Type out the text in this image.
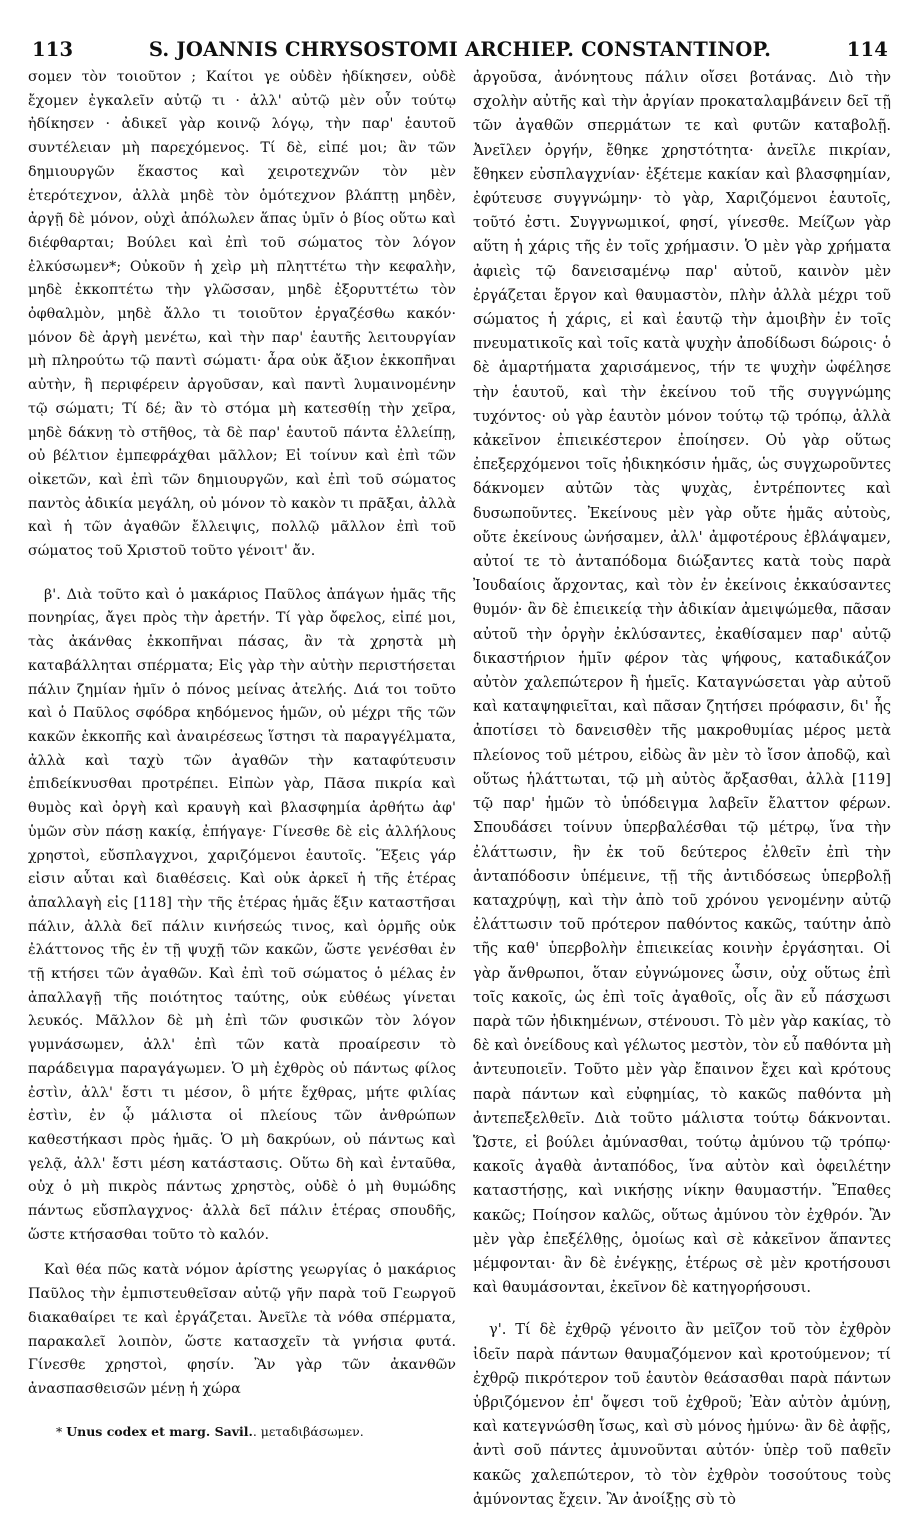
113	S. JOANNIS CHRYSOSTOMI ARCHIEP. CONSTANTINOP.	114

σομεν τὸν τοιοῦτον ; Καίτοι γε οὐδὲν ἠδίκησεν, οὐδὲ ἔχομεν ἐγκαλεῖν αὐτῷ τι · ἀλλ' αὐτῷ μὲν οὖν τούτῳ ἠδίκησεν · ἀδικεῖ γὰρ κοινῷ λόγῳ, τὴν παρ' ἑαυτοῦ συντέλειαν μὴ παρεχόμενος. Τί δὲ, εἰπέ μοι; ἂν τῶν δημιουργῶν ἕκαστος καὶ χειροτεχνῶν τὸν μὲν ἑτερότεχνον, ἀλλὰ μηδὲ τὸν ὁμότεχνον βλάπτῃ μηδὲν, ἀργῇ δὲ μόνον, οὐχὶ ἀπόλωλεν ἅπας ὑμῖν ὁ βίος οὕτω καὶ διέφθαρται; Βούλει καὶ ἐπὶ τοῦ σώματος τὸν λόγον ἐλκύσωμεν*; Οὐκοῦν ἡ χεὶρ μὴ πληττέτω τὴν κεφαλὴν, μηδὲ ἐκκοπτέτω τὴν γλῶσσαν, μηδὲ ἐξορυττέτω τὸν ὀφθαλμὸν, μηδὲ ἄλλο τι τοιοῦτον ἐργαζέσθω κακόν· μόνον δὲ ἀργὴ μενέτω, καὶ τὴν παρ' ἑαυτῆς λειτουργίαν μὴ πληρούτω τῷ παντὶ σώματι· ἆρα οὐκ ἄξιον ἐκκοπῆναι αὐτὴν, ἢ περιφέρειν ἀργοῦσαν, καὶ παντὶ λυμαινομένην τῷ σώματι; Τί δέ; ἂν τὸ στόμα μὴ κατεσθίῃ τὴν χεῖρα, μηδὲ δάκνῃ τὸ στῆθος, τὰ δὲ παρ' ἑαυτοῦ πάντα ἐλλείπῃ, οὐ βέλτιον ἐμπεφράχθαι μᾶλλον; Εἰ τοίνυν καὶ ἐπὶ τῶν οἰκετῶν, καὶ ἐπὶ τῶν δημιουργῶν, καὶ ἐπὶ τοῦ σώματος παντὸς ἀδικία μεγάλη, οὐ μόνον τὸ κακὸν τι πρᾶξαι, ἀλλὰ καὶ ἡ τῶν ἀγαθῶν ἔλλειψις, πολλῷ μᾶλλον ἐπὶ τοῦ σώματος τοῦ Χριστοῦ τοῦτο γένοιτ' ἄν.

β'. Διὰ τοῦτο καὶ ὁ μακάριος Παῦλος ἀπάγων ἡμᾶς τῆς πονηρίας, ἄγει πρὸς τὴν ἀρετήν. Τί γὰρ ὄφελος, εἰπέ μοι, τὰς ἀκάνθας ἐκκοπῆναι πάσας, ἂν τὰ χρηστὰ μὴ καταβάλληται σπέρματα; Εἰς γὰρ τὴν αὐτὴν περιστήσεται πάλιν ζημίαν ἡμῖν ὁ πόνος μείνας ἀτελής. Διά τοι τοῦτο καὶ ὁ Παῦλος σφόδρα κηδόμενος ἡμῶν, οὐ μέχρι τῆς τῶν κακῶν ἐκκοπῆς καὶ ἀναιρέσεως ἵστησι τὰ παραγγέλματα, ἀλλὰ καὶ ταχὺ τῶν ἀγαθῶν τὴν καταφύτευσιν ἐπιδείκνυσθαι προτρέπει. Εἰπὼν γὰρ, Πᾶσα πικρία καὶ θυμὸς καὶ ὀργὴ καὶ κραυγὴ καὶ βλασφημία ἀρθήτω ἀφ' ὑμῶν σὺν πάσῃ κακίᾳ, ἐπήγαγε· Γίνεσθε δὲ εἰς ἀλλήλους χρηστοὶ, εὔσπλαγχνοι, χαριζόμενοι ἑαυτοῖς. Ἕξεις γάρ εἰσιν αὗται καὶ διαθέσεις. Καὶ οὐκ ἀρκεῖ ἡ τῆς ἑτέρας ἀπαλλαγὴ εἰς [118] τὴν τῆς ἑτέρας ἡμᾶς ἕξιν καταστῆσαι πάλιν, ἀλλὰ δεῖ πάλιν κινήσεώς τινος, καὶ ὁρμῆς οὐκ ἐλάττονος τῆς ἐν τῇ ψυχῇ τῶν κακῶν, ὥστε γενέσθαι ἐν τῇ κτήσει τῶν ἀγαθῶν. Καὶ ἐπὶ τοῦ σώματος ὁ μέλας ἐν ἀπαλλαγῇ τῆς ποιότητος ταύτης, οὐκ εὐθέως γίνεται λευκός. Μᾶλλον δὲ μὴ ἐπὶ τῶν φυσικῶν τὸν λόγον γυμνάσωμεν, ἀλλ' ἐπὶ τῶν κατὰ προαίρεσιν τὸ παράδειγμα παραγάγωμεν. Ὁ μὴ ἐχθρὸς οὐ πάντως φίλος ἐστὶν, ἀλλ' ἔστι τι μέσον, ὃ μήτε ἔχθρας, μήτε φιλίας ἐστὶν, ἐν ᾧ μάλιστα οἱ πλείους τῶν ἀνθρώπων καθεστήκασι πρὸς ἡμᾶς. Ὁ μὴ δακρύων, οὐ πάντως καὶ γελᾷ, ἀλλ' ἔστι μέση κατάστασις. Οὕτω δὴ καὶ ἐνταῦθα, οὐχ ὁ μὴ πικρὸς πάντως χρηστὸς, οὐδὲ ὁ μὴ θυμώδης πάντως εὔσπλαγχνος· ἀλλὰ δεῖ πάλιν ἑτέρας σπουδῆς, ὥστε κτήσασθαι τοῦτο τὸ καλόν.

Καὶ θέα πῶς κατὰ νόμον ἀρίστης γεωργίας ὁ μακάριος Παῦλος τὴν ἐμπιστευθεῖσαν αὐτῷ γῆν παρὰ τοῦ Γεωργοῦ διακαθαίρει τε καὶ ἐργάζεται. Ἀνεῖλε τὰ νόθα σπέρματα, παρακαλεῖ λοιπὸν, ὥστε κατασχεῖν τὰ γνήσια φυτά. Γίνεσθε χρηστοὶ, φησίν. Ἂν γὰρ τῶν ἀκανθῶν ἀνασπασθεισῶν μένῃ ἡ χώρα

ἀργοῦσα, ἀνόνητους πάλιν οἴσει βοτάνας. Διὸ τὴν σχολὴν αὐτῆς καὶ τὴν ἀργίαν προκαταλαμβάνειν δεῖ τῇ τῶν ἀγαθῶν σπερμάτων τε καὶ φυτῶν καταβολῇ. Ἀνεῖλεν ὀργήν, ἔθηκε χρηστότητα· ἀνεῖλε πικρίαν, ἔθηκεν εὐσπλαγχνίαν· ἐξέτεμε κακίαν καὶ βλασφημίαν, ἐφύτευσε συγγνώμην· τὸ γὰρ, Χαριζόμενοι ἑαυτοῖς, τοῦτό ἐστι. Συγγνωμικοί, φησί, γίνεσθε. Μείζων γὰρ αὕτη ἡ χάρις τῆς ἐν τοῖς χρήμασιν. Ὁ μὲν γὰρ χρήματα ἀφιεὶς τῷ δανεισαμένῳ παρ' αὐτοῦ, καινὸν μὲν ἐργάζεται ἔργον καὶ θαυμαστὸν, πλὴν ἀλλὰ μέχρι τοῦ σώματος ἡ χάρις, εἰ καὶ ἑαυτῷ τὴν ἀμοιβὴν ἐν τοῖς πνευματικοῖς καὶ τοῖς κατὰ ψυχὴν ἀποδίδωσι δώροις· ὁ δὲ ἁμαρτήματα χαρισάμενος, τήν τε ψυχὴν ὠφέλησε τὴν ἑαυτοῦ, καὶ τὴν ἐκείνου τοῦ τῆς συγγνώμης τυχόντος· οὐ γὰρ ἑαυτὸν μόνον τούτῳ τῷ τρόπῳ, ἀλλὰ κἀκεῖνον ἐπιεικέστερον ἐποίησεν. Οὐ γὰρ οὕτως ἐπεξερχόμενοι τοῖς ἠδικηκόσιν ἡμᾶς, ὡς συγχωροῦντες δάκνομεν αὐτῶν τὰς ψυχὰς, ἐντρέποντες καὶ δυσωποῦντες. Ἐκείνους μὲν γὰρ οὔτε ἡμᾶς αὐτοὺς, οὔτε ἐκείνους ὠνήσαμεν, ἀλλ' ἀμφοτέρους ἐβλάψαμεν, αὐτοί τε τὸ ἀνταπόδομα διώξαντες κατὰ τοὺς παρὰ Ἰουδαίοις ἄρχοντας, καὶ τὸν ἐν ἐκείνοις ἐκκαύσαντες θυμόν· ἂν δὲ ἐπιεικείᾳ τὴν ἀδικίαν ἀμειψώμεθα, πᾶσαν αὐτοῦ τὴν ὀργὴν ἐκλύσαντες, ἐκαθίσαμεν παρ' αὐτῷ δικαστήριον ἡμῖν φέρον τὰς ψήφους, καταδικάζον αὐτὸν χαλεπώτερον ἢ ἡμεῖς. Καταγνώσεται γὰρ αὐτοῦ καὶ καταψηφιεῖται, καὶ πᾶσαν ζητήσει πρόφασιν, δι' ἧς ἀποτίσει τὸ δανεισθὲν τῆς μακροθυμίας μέρος μετὰ πλείονος τοῦ μέτρου, εἰδὼς ἂν μὲν τὸ ἴσον ἀποδῷ, καὶ οὕτως ἡλάττωται, τῷ μὴ αὐτὸς ἄρξασθαι, ἀλλὰ [119] τῷ παρ' ἡμῶν τὸ ὑπόδειγμα λαβεῖν ἔλαττον φέρων. Σπουδάσει τοίνυν ὑπερβαλέσθαι τῷ μέτρῳ, ἵνα τὴν ἐλάττωσιν, ἣν ἐκ τοῦ δεύτερος ἐλθεῖν ἐπὶ τὴν ἀνταπόδοσιν ὑπέμεινε, τῇ τῆς ἀντιδόσεως ὑπερβολῇ καταχρύψῃ, καὶ τὴν ἀπὸ τοῦ χρόνου γενομένην αὐτῷ ἐλάττωσιν τοῦ πρότερον παθόντος κακῶς, ταύτην ἀπὸ τῆς καθ' ὑπερβολὴν ἐπιεικείας κοινὴν ἐργάσηται. Οἱ γὰρ ἄνθρωποι, ὅταν εὐγνώμονες ὦσιν, οὐχ οὕτως ἐπὶ τοῖς κακοῖς, ὡς ἐπὶ τοῖς ἀγαθοῖς, οἷς ἂν εὖ πάσχωσι παρὰ τῶν ἠδικημένων, στένουσι. Τὸ μὲν γὰρ κακίας, τὸ δὲ καὶ ὀνείδους καὶ γέλωτος μεστὸν, τὸν εὖ παθόντα μὴ ἀντευποιεῖν. Τοῦτο μὲν γὰρ ἔπαινον ἔχει καὶ κρότους παρὰ πάντων καὶ εὐφημίας, τὸ κακῶς παθόντα μὴ ἀντεπεξελθεῖν. Διὰ τοῦτο μάλιστα τούτῳ δάκνονται. Ὥστε, εἰ βούλει ἀμύνασθαι, τούτῳ ἀμύνου τῷ τρόπῳ· κακοῖς ἀγαθὰ ἀνταπόδος, ἵνα αὐτὸν καὶ ὀφειλέτην καταστήσῃς, καὶ νικήσῃς νίκην θαυμαστήν. Ἔπαθες κακῶς; Ποίησον καλῶς, οὕτως ἀμύνου τὸν ἐχθρόν. Ἂν μὲν γὰρ ἐπεξέλθῃς, ὁμοίως καὶ σὲ κἀκεῖνον ἅπαντες μέμφονται· ἂν δὲ ἐνέγκῃς, ἑτέρως σὲ μὲν κροτήσουσι καὶ θαυμάσονται, ἐκεῖνον δὲ κατηγορήσουσι.

γ'. Τί δὲ ἐχθρῷ γένοιτο ἂν μεῖζον τοῦ τὸν ἐχθρὸν ἰδεῖν παρὰ πάντων θαυμαζόμενον καὶ κροτούμενον; τί ἐχθρῷ πικρότερον τοῦ ἑαυτὸν θεάσασθαι παρὰ πάντων ὑβριζόμενον ἐπ' ὄψεσι τοῦ ἐχθροῦ; Ἐὰν αὐτὸν ἀμύνῃ, καὶ κατεγνώσθη ἴσως, καὶ σὺ μόνος ἠμύνω· ἂν δὲ ἀφῇς, ἀντὶ σοῦ πάντες ἀμυνοῦνται αὐτόν· ὑπὲρ τοῦ παθεῖν κακῶς χαλεπώτερον, τὸ τὸν ἐχθρὸν τοσούτους τοὺς ἀμύνοντας ἔχειν. Ἂν ἀνοίξῃς σὺ τὸ

* Unus codex et marg. Savil.. μεταδιβάσωμεν.
